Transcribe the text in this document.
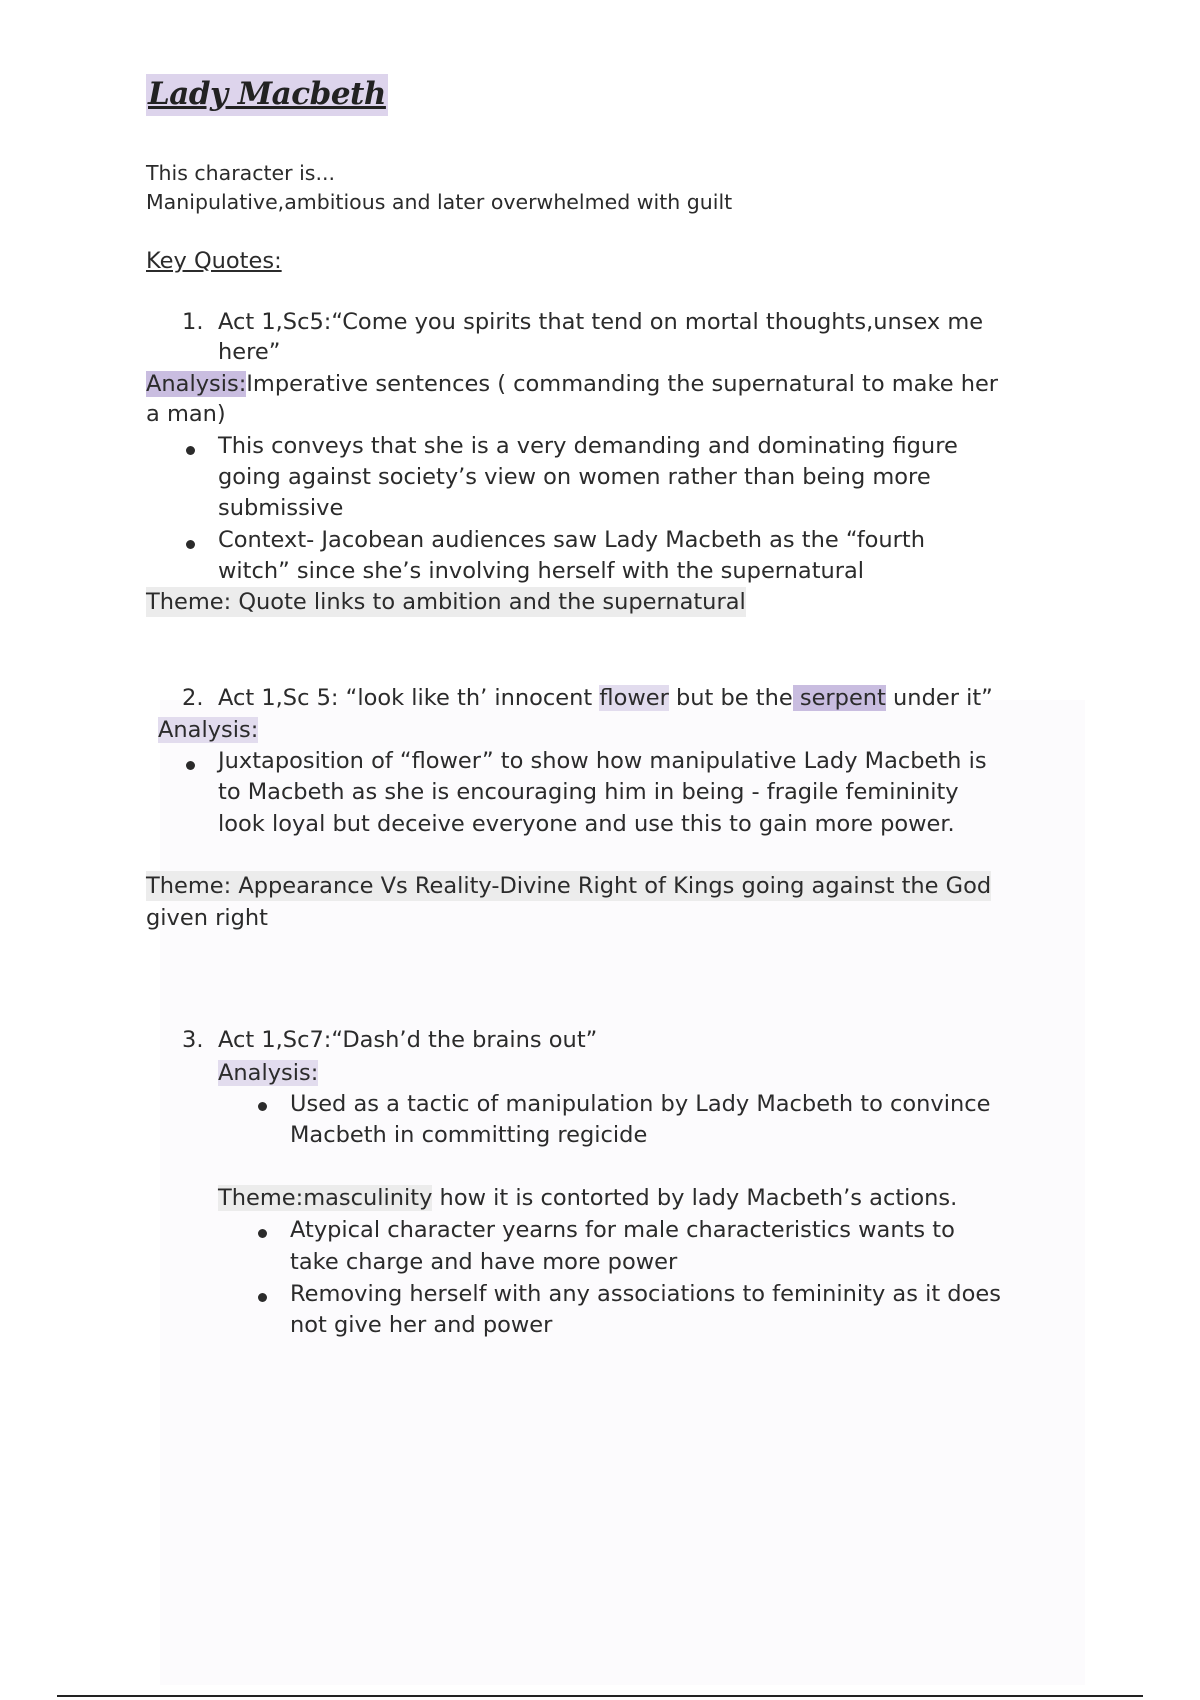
Lady Macbeth
This character is...
Manipulative,ambitious and later overwhelmed with guilt
Key Quotes:
1. Act 1,Sc5:“Come you spirits that tend on mortal thoughts,unsex me
here”
Analysis:Imperative sentences ( commanding the supernatural to make her
a man)
This conveys that she is a very demanding and dominating figure
going against society’s view on women rather than being more
submissive
Context- Jacobean audiences saw Lady Macbeth as the “fourth
witch” since she’s involving herself with the supernatural
Theme: Quote links to ambition and the supernatural
2. Act 1,Sc 5: “look like th’ innocent flower but be the serpent under it”
Analysis:
Juxtaposition of “flower” to show how manipulative Lady Macbeth is
to Macbeth as she is encouraging him in being - fragile femininity
look loyal but deceive everyone and use this to gain more power.
Theme: Appearance Vs Reality-Divine Right of Kings going against the God
given right
3. Act 1,Sc7:“Dash’d the brains out”
Analysis:
Used as a tactic of manipulation by Lady Macbeth to convince
Macbeth in committing regicide
Theme:masculinity how it is contorted by lady Macbeth’s actions.
Atypical character yearns for male characteristics wants to
take charge and have more power
Removing herself with any associations to femininity as it does
not give her and power
